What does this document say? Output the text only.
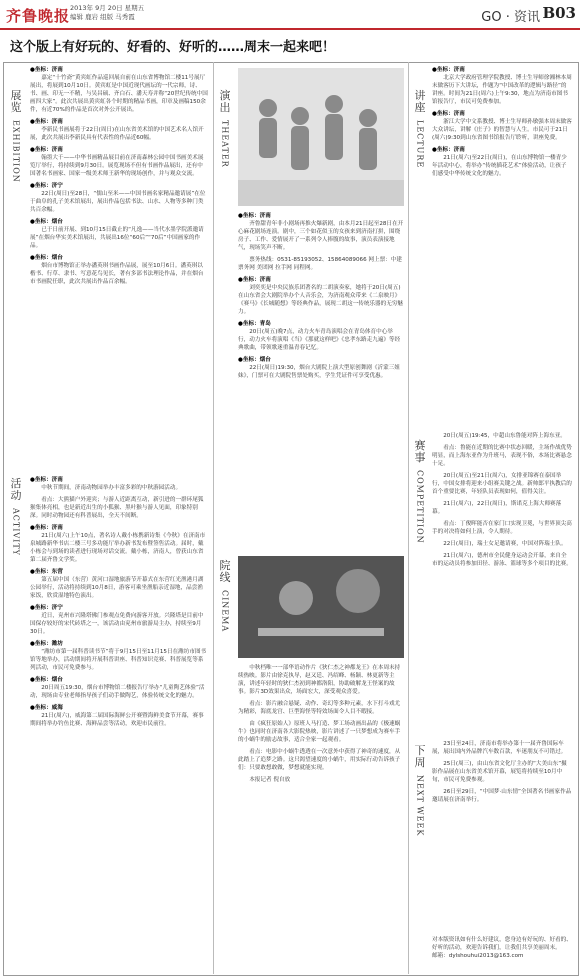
齐鲁晚报 2013年 9月 20日 星期五
编辑 鹿岩 组版 马秀霞	GO · 资讯 B03
这个版上有好玩的、好看的、好听的……周末一起来吧！
展览
EXHIBITION
活动
ACTIVITY
演出
THEATER
院线
CINEMA
讲座
LECTURE
赛事
COMPETITION
下周
NEXT WEEK
●坐标：济南

嘉定“十竹斋”黄宾虹作品巡回展自前在山东省博物馆二楼11号展厅展出，将展到10月10日。黄宾虹是中国近现代画坛的一代宗师，诗、书、画、印无一不精，与吴昌硕、齐白石、潘天寿并称“20世纪传统中国画四大家”。此次共展出黄宾虹各个时期的精品书画，印章及画稿150余件，有近70%的作品是首次对外公开展出。

●坐标：济南

李新民书画展将于22日(周日)在山东省美术馆的中国艺术名人馆开展，此次共展出李新民具有代表性的作品近60幅。

●坐标：济南

翰墨大千——中华书画精品展目前在济南森林公园中国书画美术展览厅举行，将持续到9月30日。展览现场不但有书画作品展出，还有中国著名书画家、国家一级美术师王新华的现场创作，并与观众交流。

●坐标：济宁

22日(周日)至28日，“儒山至米——中国书画名家精品邀请展”在位于曲阜的孔子美术馆展出，展出作品包括书法、山水、人物等多种门类共百余幅。

●坐标：烟台

已于日前开展、到10月15日截止的“凡逸——当代水墨学院派邀请展”在烟台华实美术馆展出，共展出16位“60后”“70后”中国画家的作品。

●坐标：烟台

烟台市博物馆正举办潘英琪书画作品展，展至10月6日。潘英琪以楷书、行草、隶书、写意花鸟见长，著有多部书法理论作品，并在烟台市书画院任职，此次共展出作品百余幅。

●坐标：济南

中秋节期间，济南动物园举办丰富多彩的中秋游园活动。

看点：大熊猫户外迎宾；与游人近距离互动，新引进的一群环尾狐猴集体亮相，也是新近出生的小狐猴、黑叶猴与游人见面，印象特别深。同时动物园还有科普展出，全天不间断。

●坐标：济南

21日(周六)上午10点，著名诗人戴小栋携新诗集《今秋》在济南市泉城路新华书店二楼三号多功能厅举办新书发布暨签售活动。届时，戴小栋会与到场的读者进行现场对话交流。戴小栋，济南人，曾获山东省第二届齐鲁文学奖。

●坐标：东营

第五届中国（东营）黄河口湿地旅游节开幕式在东营红光渔港月湖公园举行，活动将持续到10月8日，游客可乘坐渔船亲近湿地，品尝渔家饭，欣赏湿地特色演出。

●坐标：济宁

近日，兖州市兴隆塔佛门参观点免费向游客开放。兴隆塔是目前中国保存较好的宋代砖塔之一，该活动由兖州市旅游局主办，持续至9月30日。

●坐标：潍坊

“潍坊市第一届科普读书节”将于9月15日至11月15日在潍坊市图书馆等地举办，活动期间将开展科普讲座、科普知识竞赛、科普展览等系列活动，市民可免费参与。

●坐标：烟台

20日周五19:30，烟台市博物馆二楼报告厅举办“儿童陶艺体验”活动，现场由专业老师指导孩子们动手做陶艺，体验传统文化的魅力。

●坐标：威海

21日(周六)，威海第二届国际海鲜公开赛暨海鲜美食节开幕，赛事期间将举办钓鱼比赛、海鲜品尝等活动，欢迎市民前往。

●坐标：济南

齐鲁甜青年非小剧场再推火爆新剧，由本月21日起至28日在开心麻花剧场连演。剧中，三个如花似玉的女孩来到济南打拼，围绕房子、工作、爱情展开了一系列令人捧腹的故事，演员表演接地气，现场笑声不断。

票务热线：0531-85193052、15864089066 网上票：中建票务网 美团网 拉手网 同程网。

●坐标：济南

刘奕奕是中央民族乐团著名的二胡演奏家，她将于20日(周五)在山东省会大剧院举办个人音乐会，为济南观众带来《二泉映月》《赛马》《长城随想》等经典作品，展现二胡这一传统乐器的无穷魅力。

●坐标：青岛

20日(周五)晚7点，动力火车青岛演唱会在青岛体育中心举行，动力火车将演唱《当》《那就这样吧》《忠孝东路走九遍》等经典歌曲，带领歌迷重温青春记忆。

●坐标：烟台

22日(周日)19:30，烟台大剧院上演大型原创舞剧《沂蒙三姐妹》，门票可在大剧院售票处购买，学生凭证件可享受优惠。

中秋档唯一一部华语动作片《狄仁杰之神都龙王》在本周末持续热映。影片由徐克执导，赵又廷、冯绍峰、杨颖、林更新等主演，讲述年轻时的狄仁杰初到神都洛阳，协助破解龙王怪案的故事。影片3D效果出众，场面宏大，深受观众喜爱。

看点：影片融合悬疑、动作、奇幻等多种元素，水下打斗戏尤为精彩，海底龙宫、巨型海怪等特效场面令人目不暇接。

由《疯狂原始人》原班人马打造、梦工场动画出品的《极速蜗牛》也同时在济南各大影院热映，影片讲述了一只梦想成为赛车手的小蜗牛的励志故事，适合全家一起观看。

看点：电影中小蜗牛透透在一次意外中获得了神奇的速度，从此踏上了追梦之路。这只渴望速度的小蜗牛，用实际行动告诉孩子们：只要敢想敢做，梦想就能实现。

本报记者 倪自放

●坐标：济南

北京大学政府管理学院教授、博士生导师徐湘林本周末做客历下大讲坛，作题为“中国改革的逻辑与路径”的讲座。时间为21日(周六)上午9:30，地点为济南市图书馆报告厅，市民可免费参加。

●坐标：济南

浙江大学中文系教授、博士生导师孙敏强本周末做客大众讲坛，讲解《庄子》的智慧与人生。市民可于21日(周六)9:30到山东省图书馆报告厅聆听，讲座免费。

●坐标：济南

21日(周六)至22日(周日)，在山东博物馆一楼青少年活动中心，将举办“传统插花艺术”体验活动，让孩子们感受中华传统文化的魅力。

20日(周五)19:45，中超山东鲁能对阵上海东亚。

看点：鲁能在近期的比赛中状态回暖，主场作战优势明显，而上海东亚作为升班马，表现不俗，本场比赛悬念十足。

20日(周五)至21日(周六)，女排亚锦赛在泰国举行，中国女排将迎来小组赛关键之战。新帅郎平执教后的首个重要比赛，年轻队员表现如何，值得关注。

21日(周六)，22日(周日)，斯诺克上海大师赛落幕。

看点：丁俊晖能否在家门口实现卫冕，与世界顶尖高手的对决将如何上演，令人期待。

22日(周日)，瑞士女足邀请赛，中国对阵瑞士队。

21日(周六)，德州市全民健身运动会开幕，来自全市的运动员将参加田径、游泳、篮球等多个项目的比赛。

23日至24日，济南市将举办第十一届齐鲁国际车展，展出国内外品牌汽车数百款，车迷朋友不可错过。

25日(周三)，由山东省文化厅主办的“大美山东”摄影作品展在山东省美术馆开幕，展览将持续至10月中旬，市民可免费参观。

26日至29日，“中国梦·山东情”全国著名书画家作品邀请展在济南举行。

对本版资讯如有什么好建议，您身边有好玩的、好看的、好听的活动，欢迎告诉我们，让我们共享美丽周末。
邮箱：dylshouhui2013@163.com
